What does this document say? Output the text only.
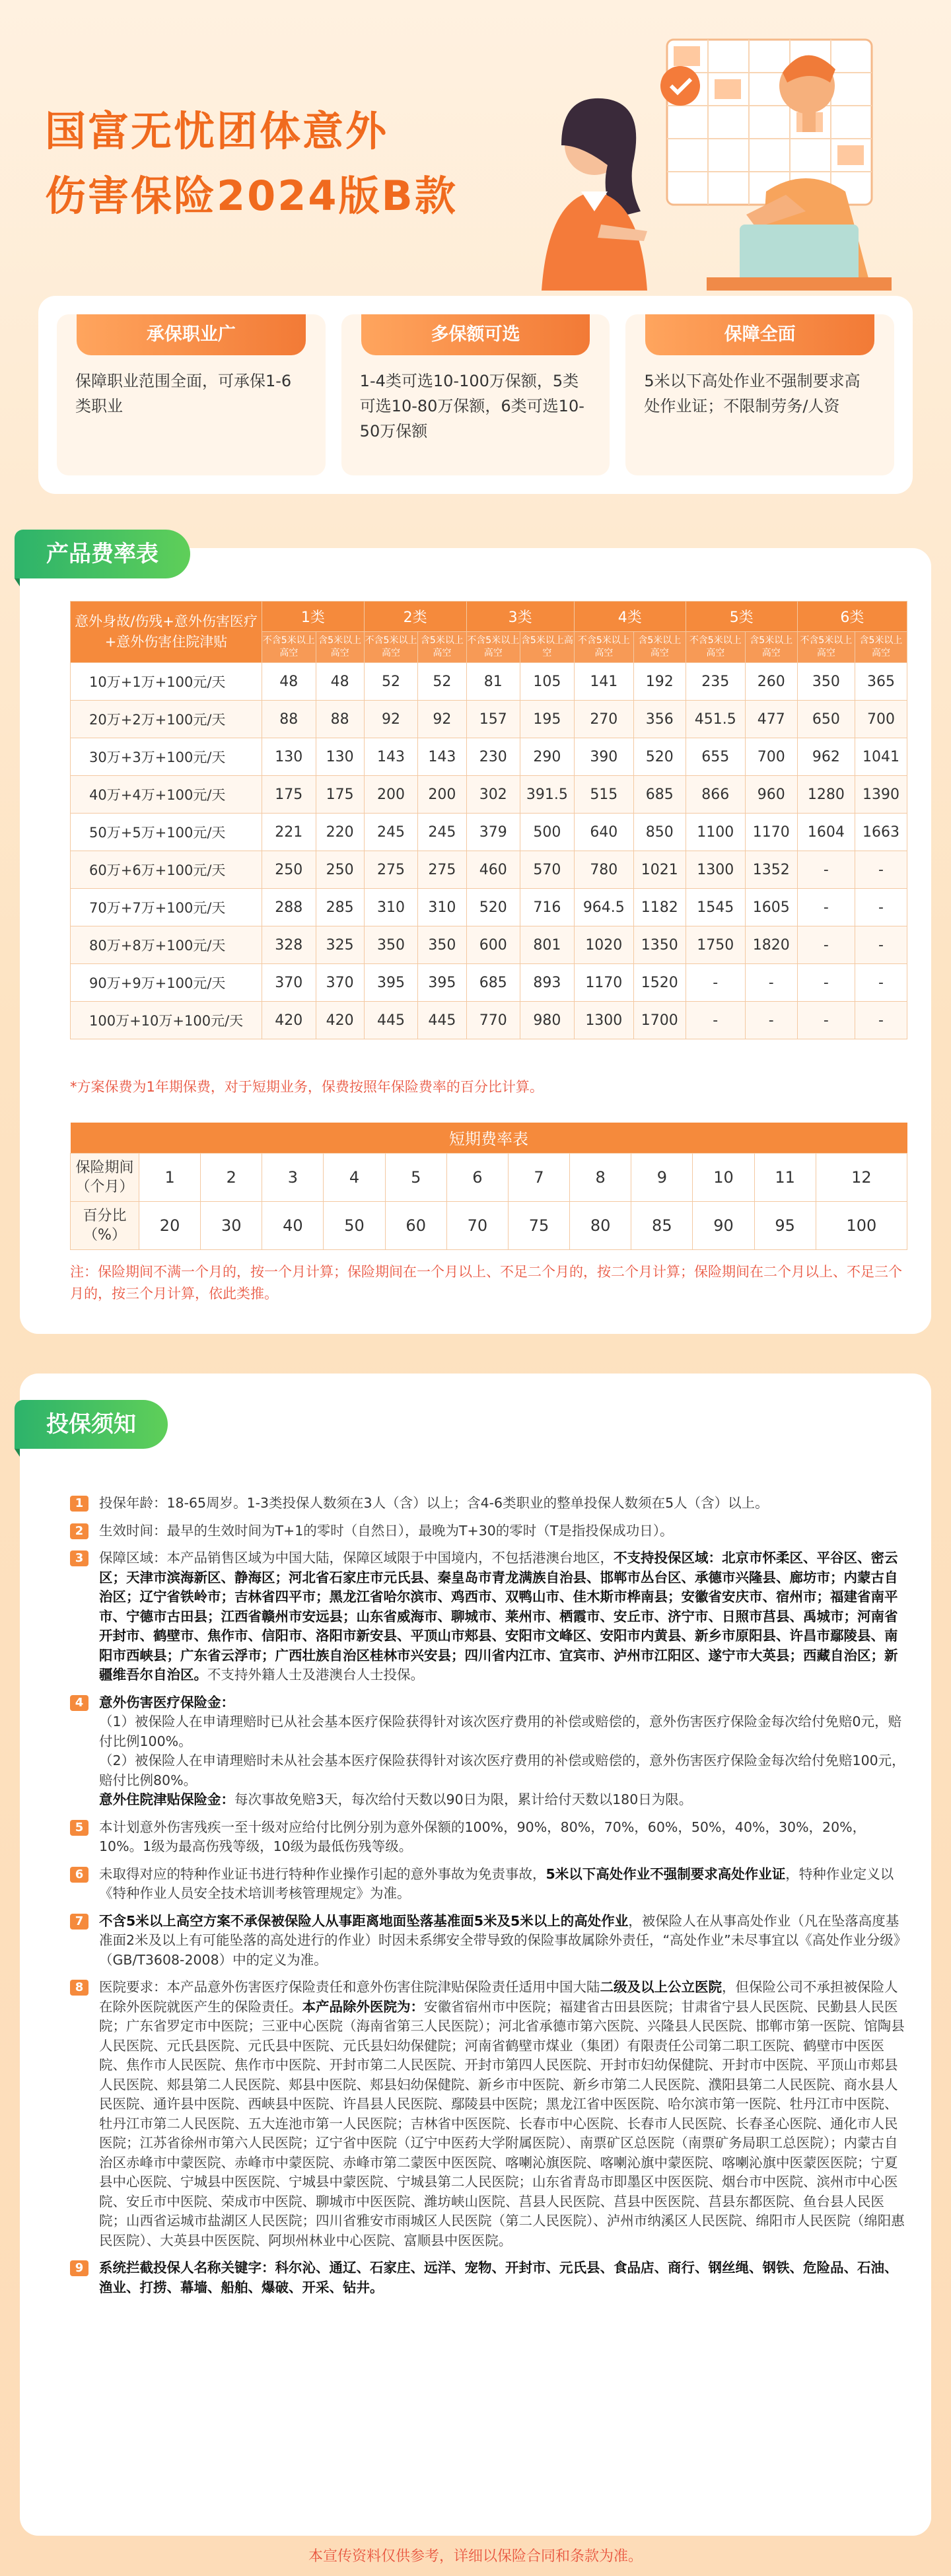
国富无忧团体意外
伤害保险2024版B款
承保职业广
保障职业范围全面，可承保1-6类职业
多保额可选
1-4类可选10-100万保额，5类可选10-80万保额，6类可选10-50万保额
保障全面
5米以下高处作业不强制要求高处作业证；不限制劳务/人资
产品费率表
意外身故/伤残+意外伤害医疗+意外伤害住院津贴	1类		2类		3类		4类		5类		6类	
	不含5米以上高空	含5米以上高空	不含5米以上高空	含5米以上高空	不含5米以上高空	含5米以上高空	不含5米以上高空	含5米以上高空	不含5米以上高空	含5米以上高空	不含5米以上高空	含5米以上高空
10万+1万+100元/天	48	48	52	52	81	105	141	192	235	260	350	365
20万+2万+100元/天	88	88	92	92	157	195	270	356	451.5	477	650	700
30万+3万+100元/天	130	130	143	143	230	290	390	520	655	700	962	1041
40万+4万+100元/天	175	175	200	200	302	391.5	515	685	866	960	1280	1390
50万+5万+100元/天	221	220	245	245	379	500	640	850	1100	1170	1604	1663
60万+6万+100元/天	250	250	275	275	460	570	780	1021	1300	1352	-	-
70万+7万+100元/天	288	285	310	310	520	716	964.5	1182	1545	1605	-	-
80万+8万+100元/天	328	325	350	350	600	801	1020	1350	1750	1820	-	-
90万+9万+100元/天	370	370	395	395	685	893	1170	1520	-	-	-	-
100万+10万+100元/天	420	420	445	445	770	980	1300	1700	-	-	-	-
*方案保费为1年期保费，对于短期业务，保费按照年保险费率的百分比计算。
短期费率表												
保险期间（个月）	1	2	3	4	5	6	7	8	9	10	11	12
百分比（%）	20	30	40	50	60	70	75	80	85	90	95	100
注：保险期间不满一个月的，按一个月计算；保险期间在一个月以上、不足二个月的，按二个月计算；保险期间在二个月以上、不足三个月的，按三个月计算，依此类推。
投保须知
1	投保年龄：18-65周岁。1-3类投保人数须在3人（含）以上；含4-6类职业的整单投保人数须在5人（含）以上。
2	生效时间：最早的生效时间为T+1的零时（自然日），最晚为T+30的零时（T是指投保成功日）。
3	保障区域：本产品销售区域为中国大陆，保障区域限于中国境内，不包括港澳台地区，不支持投保区域：北京市怀柔区、平谷区、密云区；天津市滨海新区、静海区；河北省石家庄市元氏县、秦皇岛市青龙满族自治县、邯郸市丛台区、承德市兴隆县、廊坊市；内蒙古自治区；辽宁省铁岭市；吉林省四平市；黑龙江省哈尔滨市、鸡西市、双鸭山市、佳木斯市桦南县；安徽省安庆市、宿州市；福建省南平市、宁德市古田县；江西省赣州市安远县；山东省威海市、聊城市、莱州市、栖霞市、安丘市、济宁市、日照市莒县、禹城市；河南省开封市、鹤壁市、焦作市、信阳市、洛阳市新安县、平顶山市郏县、安阳市文峰区、安阳市内黄县、新乡市原阳县、许昌市鄢陵县、南阳市西峡县；广东省云浮市；广西壮族自治区桂林市兴安县；四川省内江市、宜宾市、泸州市江阳区、遂宁市大英县；西藏自治区；新疆维吾尔自治区。不支持外籍人士及港澳台人士投保。
4	意外伤害医疗保险金：
（1）被保险人在申请理赔时已从社会基本医疗保险获得针对该次医疗费用的补偿或赔偿的，意外伤害医疗保险金每次给付免赔0元，赔付比例100%。
（2）被保险人在申请理赔时未从社会基本医疗保险获得针对该次医疗费用的补偿或赔偿的，意外伤害医疗保险金每次给付免赔100元，赔付比例80%。
意外住院津贴保险金：每次事故免赔3天，每次给付天数以90日为限，累计给付天数以180日为限。
5	本计划意外伤害残疾一至十级对应给付比例分别为意外保额的100%，90%，80%，70%，60%，50%，40%，30%，20%，10%。1级为最高伤残等级，10级为最低伤残等级。
6	未取得对应的特种作业证书进行特种作业操作引起的意外事故为免责事故，5米以下高处作业不强制要求高处作业证，特种作业定义以《特种作业人员安全技术培训考核管理规定》为准。
7	不含5米以上高空方案不承保被保险人从事距离地面坠落基准面5米及5米以上的高处作业，被保险人在从事高处作业（凡在坠落高度基准面2米及以上有可能坠落的高处进行的作业）时因未系绑安全带导致的保险事故属除外责任，“高处作业”未尽事宜以《高处作业分级》（GB/T3608-2008）中的定义为准。
8	医院要求：本产品意外伤害医疗保险责任和意外伤害住院津贴保险责任适用中国大陆二级及以上公立医院，但保险公司不承担被保险人在除外医院就医产生的保险责任。本产品除外医院为：安徽省宿州市中医院；福建省古田县医院；甘肃省宁县人民医院、民勤县人民医院；广东省罗定市中医院；三亚中心医院（海南省第三人民医院）；河北省承德市第六医院、兴隆县人民医院、邯郸市第一医院、馆陶县人民医院、元氏县医院、元氏县中医院、元氏县妇幼保健院；河南省鹤壁市煤业（集团）有限责任公司第二职工医院、鹤壁市中医医院、焦作市人民医院、焦作市中医院、开封市第二人民医院、开封市第四人民医院、开封市妇幼保健院、开封市中医院、平顶山市郏县人民医院、郏县第二人民医院、郏县中医院、郏县妇幼保健院、新乡市中医院、新乡市第二人民医院、濮阳县第二人民医院、商水县人民医院、通许县中医院、西峡县中医院、许昌县人民医院、鄢陵县中医院；黑龙江省中医医院、哈尔滨市第一医院、牡丹江市中医院、牡丹江市第二人民医院、五大连池市第一人民医院；吉林省中医医院、长春市中心医院、长春市人民医院、长春圣心医院、通化市人民医院；江苏省徐州市第六人民医院；辽宁省中医院（辽宁中医药大学附属医院）、南票矿区总医院（南票矿务局职工总医院）；内蒙古自治区赤峰市中蒙医院、赤峰市中蒙医院、赤峰市第二蒙医中医医院、喀喇沁旗医院、喀喇沁旗中蒙医院、喀喇沁旗中医蒙医医院；宁夏县中心医院、宁城县中医医院、宁城县中蒙医院、宁城县第二人民医院；山东省青岛市即墨区中医医院、烟台市中医院、滨州市中心医院、安丘市中医院、荣成市中医院、聊城市中医医院、潍坊峡山医院、莒县人民医院、莒县中医医院、莒县东都医院、鱼台县人民医院；山西省运城市盐湖区人民医院；四川省雅安市雨城区人民医院（第二人民医院）、泸州市纳溪区人民医院、绵阳市人民医院（绵阳惠民医院）、大英县中医医院、阿坝州林业中心医院、富顺县中医医院。
9	系统拦截投保人名称关键字：科尔沁、通辽、石家庄、远洋、宠物、开封市、元氏县、食品店、商行、钢丝绳、钢铁、危险品、石油、渔业、打捞、幕墙、船舶、爆破、开采、钻井。
本宣传资料仅供参考，详细以保险合同和条款为准。
